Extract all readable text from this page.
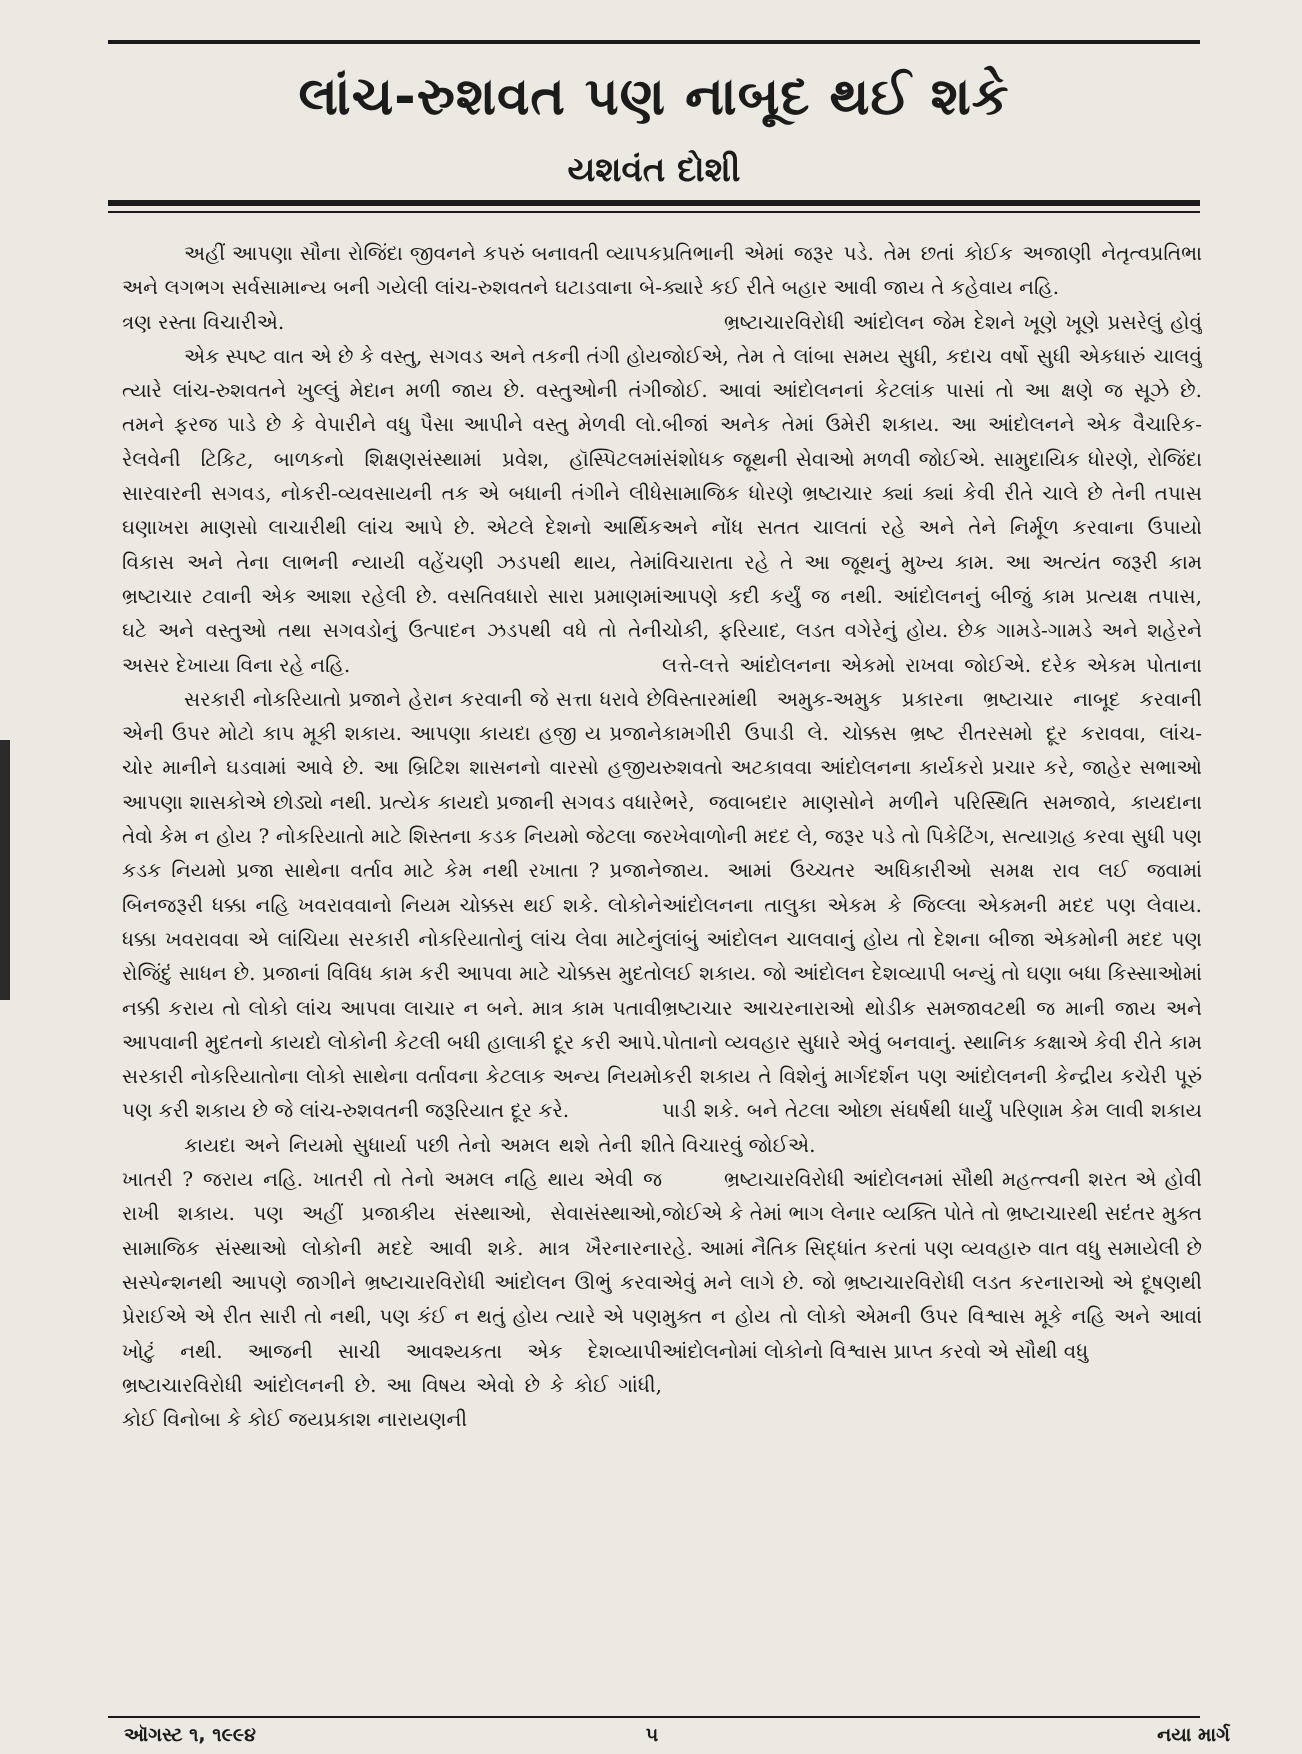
લાંચ-રુશવત પણ નાબૂદ થઈ શકે
યશવંત દોશી

અહીં આપણા સૌના રોજિંદા જીવનને કપરું બનાવતી વ્યાપક અને લગભગ સર્વસામાન્ય બની ગયેલી લાંચ-રુશવતને ઘટાડવાના બે-ત્રણ રસ્તા વિચારીએ.

એક સ્પષ્ટ વાત એ છે કે વસ્તુ, સગવડ અને તકની તંગી હોય ત્યારે લાંચ-રુશવતને ખુલ્લું મેદાન મળી જાય છે. વસ્તુઓની તંગી તમને ફરજ પાડે છે કે વેપારીને વધુ પૈસા આપીને વસ્તુ મેળવી લો. રેલવેની ટિકિટ, બાળકનો શિક્ષણસંસ્થામાં પ્રવેશ, હૉસ્પિટલમાં સારવારની સગવડ, નોકરી-વ્યવસાયની તક એ બધાની તંગીને લીધે ઘણાખરા માણસો લાચારીથી લાંચ આપે છે. એટલે દેશનો આર્થિક વિકાસ અને તેના લાભની ન્યાયી વહેંચણી ઝડપથી થાય, તેમાં ભ્રષ્ટાચાર ટવાની એક આશા રહેલી છે. વસતિવધારો સારા પ્રમાણમાં ઘટે અને વસ્તુઓ તથા સગવડોનું ઉત્પાદન ઝડપથી વધે તો તેની અસર દેખાયા વિના રહે નહિ.

સરકારી નોકરિયાતો પ્રજાને હેરાન કરવાની જે સત્તા ધરાવે છે એની ઉપર મોટો કાપ મૂકી શકાય. આપણા કાયદા હજી ય પ્રજાને ચોર માનીને ઘડવામાં આવે છે. આ બ્રિટિશ શાસનનો વારસો હજીય આપણા શાસકોએ છોડ્યો નથી. પ્રત્યેક કાયદો પ્રજાની સગવડ વધારે તેવો કેમ ન હોય ? નોકરિયાતો માટે શિસ્તના કડક નિયમો જેટલા જ કડક નિયમો પ્રજા સાથેના વર્તાવ માટે કેમ નથી રખાતા ? પ્રજાને બિનજરૂરી ધક્કા નહિ ખવરાવવાનો નિયમ ચોક્કસ થઈ શકે. લોકોને ધક્કા ખવરાવવા એ લાંચિયા સરકારી નોકરિયાતોનું લાંચ લેવા માટેનું રોજિંદું સાધન છે. પ્રજાનાં વિવિધ કામ કરી આપવા માટે ચોક્કસ મુદતો નક્કી કરાય તો લોકો લાંચ આપવા લાચાર ન બને. માત્ર કામ પતાવી આપવાની મુદતનો કાયદો લોકોની કેટલી બધી હાલાકી દૂર કરી આપે. સરકારી નોકરિયાતોના લોકો સાથેના વર્તાવના કેટલાક અન્ય નિયમો પણ કરી શકાય છે જે લાંચ-રુશવતની જરૂરિયાત દૂર કરે.

કાયદા અને નિયમો સુધાર્યા પછી તેનો અમલ થશે તેની શી ખાતરી ? જરાય નહિ. ખાતરી તો તેનો અમલ નહિ થાય એવી જ રાખી શકાય. પણ અહીં પ્રજાકીય સંસ્થાઓ, સેવાસંસ્થાઓ, સામાજિક સંસ્થાઓ લોકોની મદદે આવી શકે. માત્ર ખૈરનારના સસ્પેન્શનથી આપણે જાગીને ભ્રષ્ટાચારવિરોધી આંદોલન ઊભું કરવા પ્રેરાઈએ એ રીત સારી તો નથી, પણ કંઈ ન થતું હોય ત્યારે એ પણ ખોટું નથી. આજની સાચી આવશ્યકતા એક દેશવ્યાપી ભ્રષ્ટાચારવિરોધી આંદોલનની છે. આ વિષય એવો છે કે કોઈ ગાંધી, કોઈ વિનોબા કે કોઈ જયપ્રકાશ નારાયણની

પ્રતિભાની એમાં જરૂર પડે. તેમ છતાં કોઈક અજાણી નેતૃત્વપ્રતિભા ક્યારે કઈ રીતે બહાર આવી જાય તે કહેવાય નહિ.

ભ્રષ્ટાચારવિરોધી આંદોલન જેમ દેશને ખૂણે ખૂણે પ્રસરેલું હોવું જોઈએ, તેમ તે લાંબા સમય સુધી, કદાચ વર્ષો સુધી એકધારું ચાલવું જોઈ. આવાં આંદોલનનાં કેટલાંક પાસાં તો આ ક્ષણે જ સૂઝે છે. બીજાં અનેક તેમાં ઉમેરી શકાય. આ આંદોલનને એક વૈચારિક-સંશોધક જૂથની સેવાઓ મળવી જોઈએ. સામુદાયિક ધોરણે, રોજિંદા સામાજિક ધોરણે ભ્રષ્ટાચાર ક્યાં ક્યાં કેવી રીતે ચાલે છે તેની તપાસ અને નોંધ સતત ચાલતાં રહે અને તેને નિર્મૂળ કરવાના ઉપાયો વિચારાતા રહે તે આ જૂથનું મુખ્ય કામ. આ અત્યંત જરૂરી કામ આપણે કદી કર્યું જ નથી. આંદોલનનું બીજું કામ પ્રત્યક્ષ તપાસ, ચોકી, ફરિયાદ, લડત વગેરેનું હોય. છેક ગામડે-ગામડે અને શહેરને લત્તે-લત્તે આંદોલનના એકમો રાખવા જોઈએ. દરેક એકમ પોતાના વિસ્તારમાંથી અમુક-અમુક પ્રકારના ભ્રષ્ટાચાર નાબૂદ કરવાની કામગીરી ઉપાડી લે. ચોક્કસ ભ્રષ્ટ રીતરસમો દૂર કરાવવા, લાંચ-રુશવતો અટકાવવા આંદોલનના કાર્યકરો પ્રચાર કરે, જાહેર સભાઓ ભરે, જવાબદાર માણસોને મળીને પરિસ્થિતિ સમજાવે, કાયદાના રખેવાળોની મદદ લે, જરૂર પડે તો પિકેટિંગ, સત્યાગ્રહ કરવા સુધી પણ જાય. આમાં ઉચ્ચતર અધિકારીઓ સમક્ષ રાવ લઈ જવામાં આંદોલનના તાલુકા એકમ કે જિલ્લા એકમની મદદ પણ લેવાય. લાંબું આંદોલન ચાલવાનું હોય તો દેશના બીજા એકમોની મદદ પણ લઈ શકાય. જો આંદોલન દેશવ્યાપી બન્યું તો ઘણા બધા કિસ્સાઓમાં ભ્રષ્ટાચાર આચરનારાઓ થોડીક સમજાવટથી જ માની જાય અને પોતાનો વ્યવહાર સુધારે એવું બનવાનું. સ્થાનિક કક્ષાએ કેવી રીતે કામ કરી શકાય તે વિશેનું માર્ગદર્શન પણ આંદોલનની કેન્દ્રીય કચેરી પૂરું પાડી શકે. બને તેટલા ઓછા સંઘર્ષથી ધાર્યું પરિણામ કેમ લાવી શકાય તે વિચારવું જોઈએ.

ભ્રષ્ટાચારવિરોધી આંદોલનમાં સૌથી મહત્ત્વની શરત એ હોવી જોઈએ કે તેમાં ભાગ લેનાર વ્યક્તિ પોતે તો ભ્રષ્ટાચારથી સદંતર મુક્ત રહે. આમાં નૈતિક સિદ્ધાંત કરતાં પણ વ્યવહારુ વાત વધુ સમાયેલી છે એવું મને લાગે છે. જો ભ્રષ્ટાચારવિરોધી લડત કરનારાઓ એ દૂષણથી મુક્ત ન હોય તો લોકો એમની ઉપર વિશ્વાસ મૂકે નહિ અને આવાં આંદોલનોમાં લોકોનો વિશ્વાસ પ્રાપ્ત કરવો એ સૌથી વધુ

ઑગસ્ટ ૧, ૧૯૯૪	૫	નયા માર્ગ
